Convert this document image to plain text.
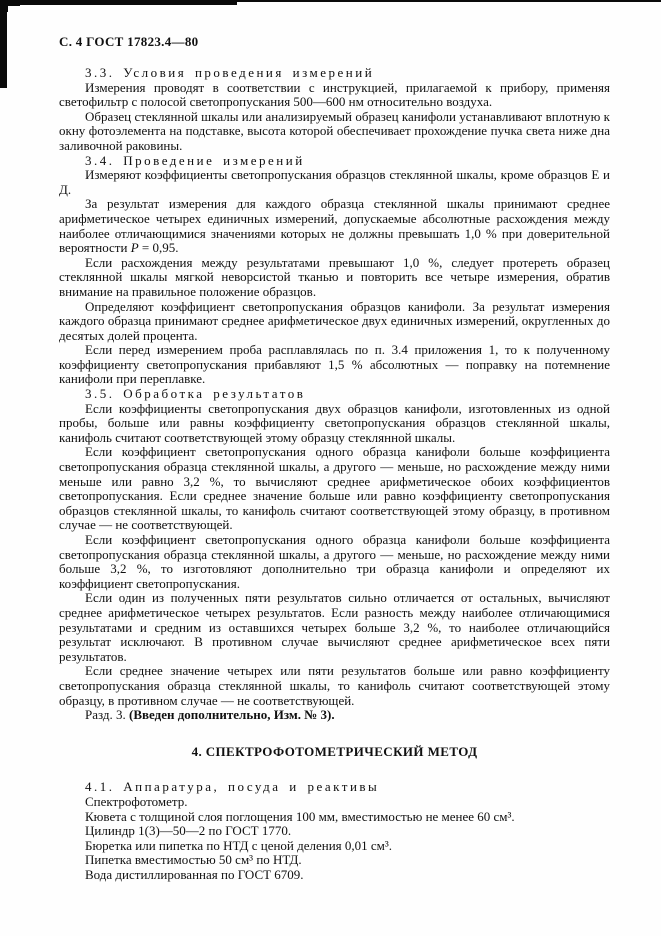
С. 4 ГОСТ 17823.4—80

3.3. Условия проведения измерений

Измерения проводят в соответствии с инструкцией, прилагаемой к прибору, применяя светофильтр с полосой светопропускания 500—600 нм относительно воздуха.

Образец стеклянной шкалы или анализируемый образец канифоли устанавливают вплотную к окну фотоэлемента на подставке, высота которой обеспечивает прохождение пучка света ниже дна заливочной раковины.

3.4. Проведение измерений

Измеряют коэффициенты светопропускания образцов стеклянной шкалы, кроме образцов Е и Д.

За результат измерения для каждого образца стеклянной шкалы принимают среднее арифметическое четырех единичных измерений, допускаемые абсолютные расхождения между наиболее отличающимися значениями которых не должны превышать 1,0 % при доверительной вероятности Р = 0,95.

Если расхождения между результатами превышают 1,0 %, следует протереть образец стеклянной шкалы мягкой неворсистой тканью и повторить все четыре измерения, обратив внимание на правильное положение образцов.

Определяют коэффициент светопропускания образцов канифоли. За результат измерения каждого образца принимают среднее арифметическое двух единичных измерений, округленных до десятых долей процента.

Если перед измерением проба расплавлялась по п. 3.4 приложения 1, то к полученному коэффициенту светопропускания прибавляют 1,5 % абсолютных — поправку на потемнение канифоли при переплавке.

3.5. Обработка результатов

Если коэффициенты светопропускания двух образцов канифоли, изготовленных из одной пробы, больше или равны коэффициенту светопропускания образцов стеклянной шкалы, канифоль считают соответствующей этому образцу стеклянной шкалы.

Если коэффициент светопропускания одного образца канифоли больше коэффициента светопропускания образца стеклянной шкалы, а другого — меньше, но расхождение между ними меньше или равно 3,2 %, то вычисляют среднее арифметическое обоих коэффициентов светопропускания. Если среднее значение больше или равно коэффициенту светопропускания образцов стеклянной шкалы, то канифоль считают соответствующей этому образцу, в противном случае — не соответствующей.

Если коэффициент светопропускания одного образца канифоли больше коэффициента светопропускания образца стеклянной шкалы, а другого — меньше, но расхождение между ними больше 3,2 %, то изготовляют дополнительно три образца канифоли и определяют их коэффициент светопропускания.

Если один из полученных пяти результатов сильно отличается от остальных, вычисляют среднее арифметическое четырех результатов. Если разность между наиболее отличающимися результатами и средним из оставшихся четырех больше 3,2 %, то наиболее отличающийся результат исключают. В противном случае вычисляют среднее арифметическое всех пяти результатов.

Если среднее значение четырех или пяти результатов больше или равно коэффициенту светопропускания образца стеклянной шкалы, то канифоль считают соответствующей этому образцу, в противном случае — не соответствующей.

Разд. 3. (Введен дополнительно, Изм. № 3).

4. СПЕКТРОФОТОМЕТРИЧЕСКИЙ МЕТОД

4.1. Аппаратура, посуда и реактивы

Спектрофотометр.

Кювета с толщиной слоя поглощения 100 мм, вместимостью не менее 60 см³.

Цилиндр 1(3)—50—2 по ГОСТ 1770.

Бюретка или пипетка по НТД с ценой деления 0,01 см³.

Пипетка вместимостью 50 см³ по НТД.

Вода дистиллированная по ГОСТ 6709.
